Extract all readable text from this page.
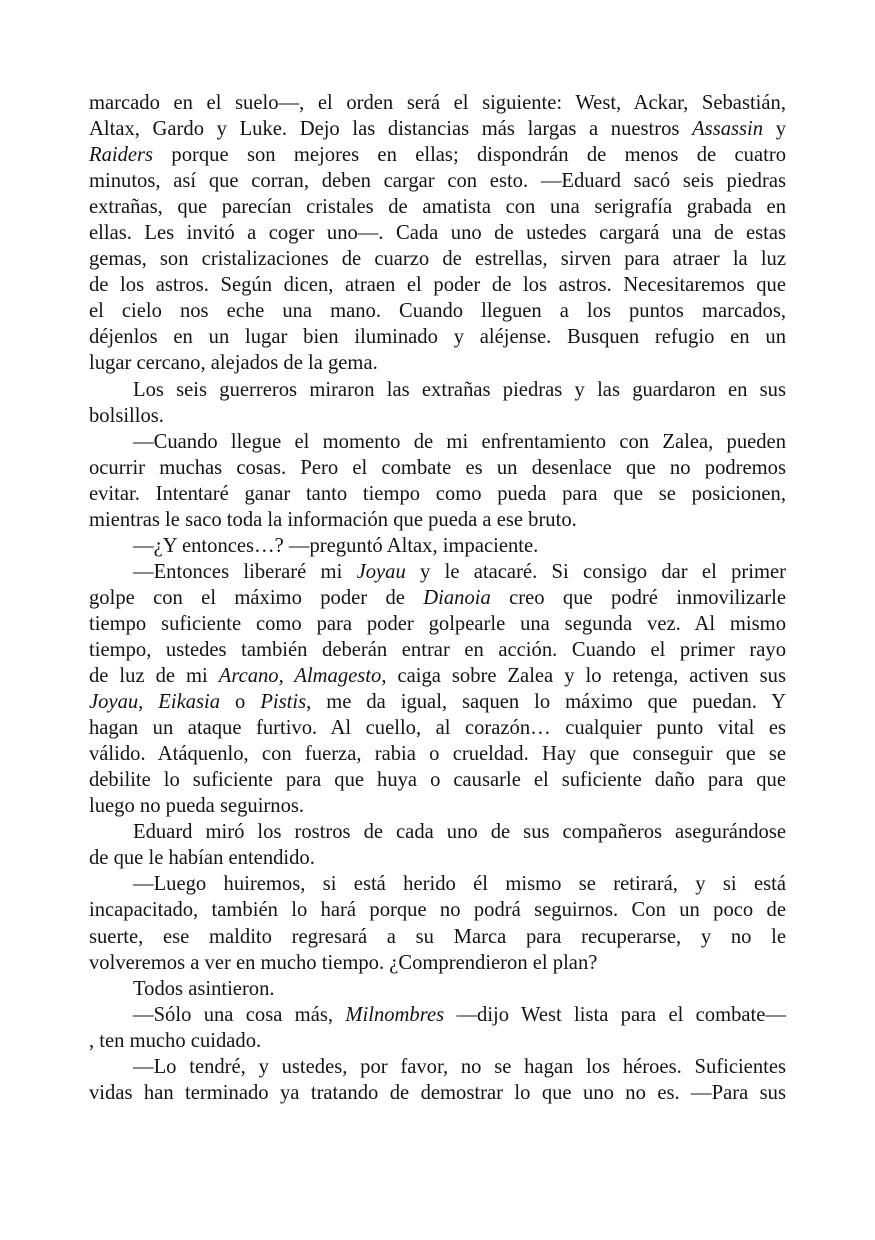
marcado en el suelo—, el orden será el siguiente: West, Ackar, Sebastián,
Altax, Gardo y Luke. Dejo las distancias más largas a nuestros Assassin y
Raiders porque son mejores en ellas; dispondrán de menos de cuatro
minutos, así que corran, deben cargar con esto. —Eduard sacó seis piedras
extrañas, que parecían cristales de amatista con una serigrafía grabada en
ellas. Les invitó a coger uno—. Cada uno de ustedes cargará una de estas
gemas, son cristalizaciones de cuarzo de estrellas, sirven para atraer la luz
de los astros. Según dicen, atraen el poder de los astros. Necesitaremos que
el cielo nos eche una mano. Cuando lleguen a los puntos marcados,
déjenlos en un lugar bien iluminado y aléjense. Busquen refugio en un
lugar cercano, alejados de la gema.
Los seis guerreros miraron las extrañas piedras y las guardaron en sus
bolsillos.
—Cuando llegue el momento de mi enfrentamiento con Zalea, pueden
ocurrir muchas cosas. Pero el combate es un desenlace que no podremos
evitar. Intentaré ganar tanto tiempo como pueda para que se posicionen,
mientras le saco toda la información que pueda a ese bruto.
—¿Y entonces…? —preguntó Altax, impaciente.
—Entonces liberaré mi Joyau y le atacaré. Si consigo dar el primer
golpe con el máximo poder de Dianoia creo que podré inmovilizarle
tiempo suficiente como para poder golpearle una segunda vez. Al mismo
tiempo, ustedes también deberán entrar en acción. Cuando el primer rayo
de luz de mi Arcano, Almagesto, caiga sobre Zalea y lo retenga, activen sus
Joyau, Eikasia o Pistis, me da igual, saquen lo máximo que puedan. Y
hagan un ataque furtivo. Al cuello, al corazón… cualquier punto vital es
válido. Atáquenlo, con fuerza, rabia o crueldad. Hay que conseguir que se
debilite lo suficiente para que huya o causarle el suficiente daño para que
luego no pueda seguirnos.
Eduard miró los rostros de cada uno de sus compañeros asegurándose
de que le habían entendido.
—Luego huiremos, si está herido él mismo se retirará, y si está
incapacitado, también lo hará porque no podrá seguirnos. Con un poco de
suerte, ese maldito regresará a su Marca para recuperarse, y no le
volveremos a ver en mucho tiempo. ¿Comprendieron el plan?
Todos asintieron.
—Sólo una cosa más, Milnombres —dijo West lista para el combate—
, ten mucho cuidado.
—Lo tendré, y ustedes, por favor, no se hagan los héroes. Suficientes
vidas han terminado ya tratando de demostrar lo que uno no es. —Para sus
